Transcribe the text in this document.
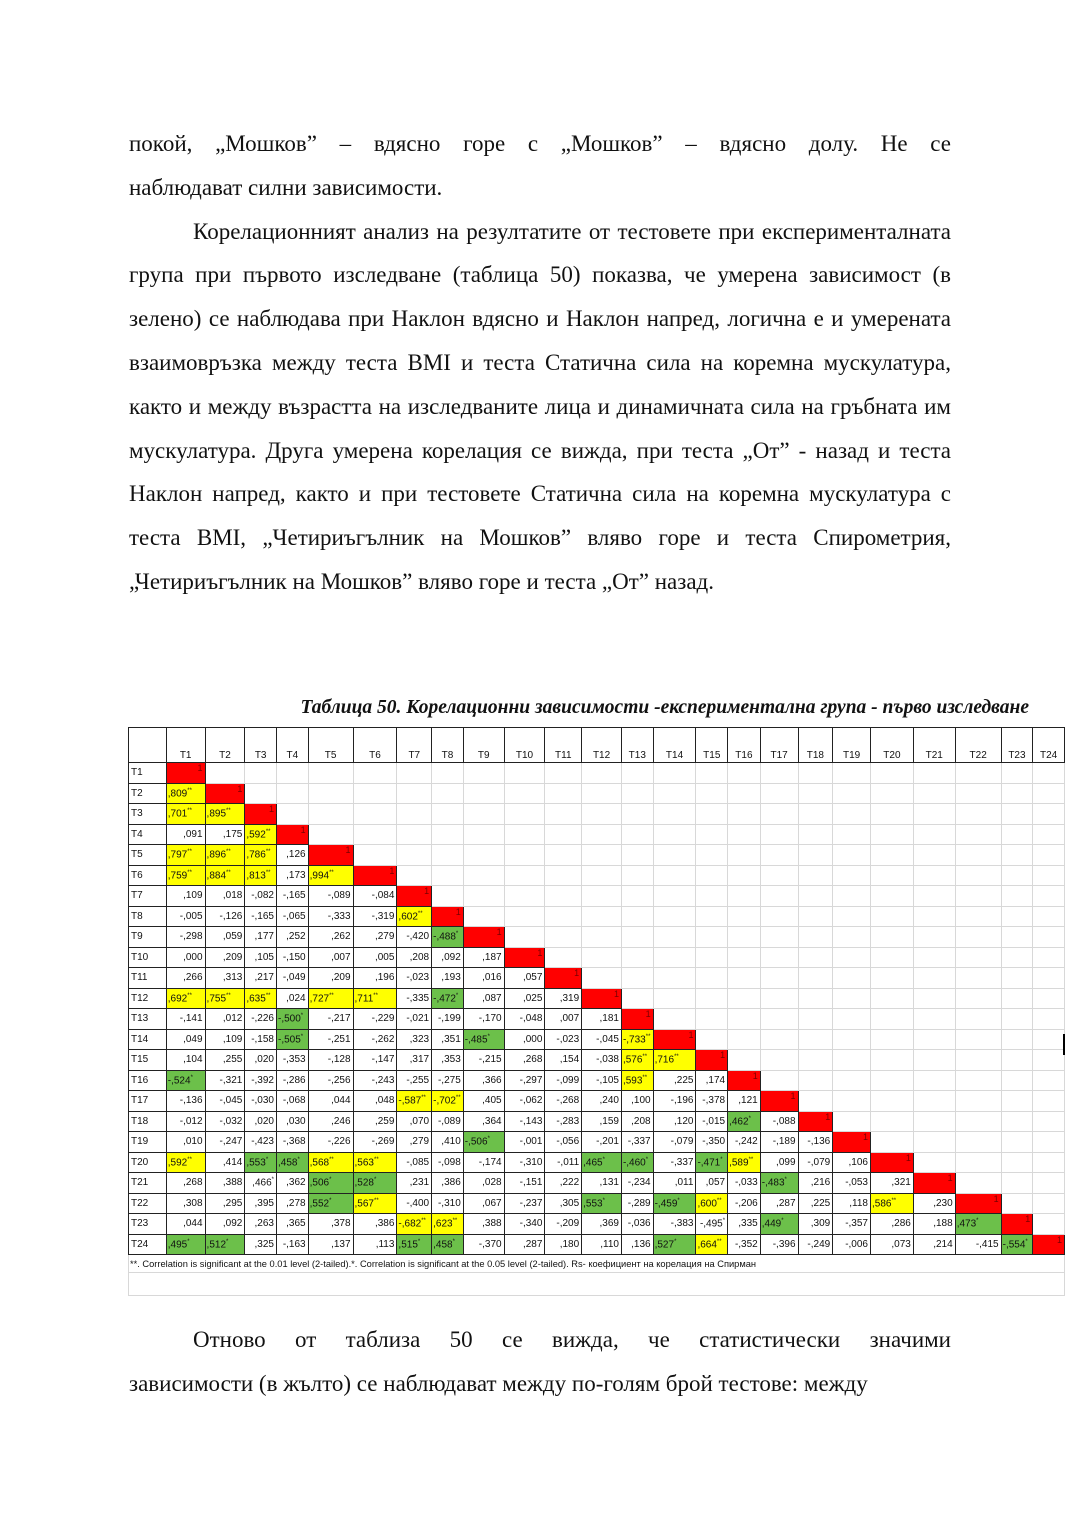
покой, „Мошков” – вдясно горе с „Мошков” – вдясно долу. Не се

наблюдават силни зависимости.

Корелационният анализ на резултатите от тестовете при експерименталната група при първото изследване (таблица 50) показва, че умерена зависимост (в зелено) се наблюдава при Наклон вдясно и Наклон напред, логична е и умерената взаимовръзка между теста BMI и теста Статична сила на коремна мускулатура, както и между възрастта на изследваните лица и динамичната сила на гръбната им мускулатура. Друга умерена корелация се вижда, при теста „От” - назад и теста Наклон напред, както и при тестовете Статична сила на коремна мускулатура с теста BMI, „Четириъгълник на Мошков” вляво горе и теста Спирометрия, „Четириъгълник на Мошков” вляво горе и теста „От” назад.

Таблица 50. Корелационни зависимости -експериментална група - първо изследване
	T1	T2	T3	T4	T5	T6	T7	T8	T9	T10	T11	T12	T13	T14	T15	T16	T17	T18	T19	T20	T21	T22	T23	T24
T1	1																							
T2	,809**	1																						
T3	,701**	,895**	1																					
T4	,091	,175	,592**	1																				
T5	,797**	,896**	,786**	,126	1																			
T6	,759**	,884**	,813**	,173	,994**	1																		
T7	,109	,018	-,082	-,165	-,089	-,084	1																	
T8	-,005	-,126	-,165	-,065	-,333	-,319	,602**	1																
T9	-,298	,059	,177	,252	,262	,279	-,420	-,488*	1															
T10	,000	,209	,105	-,150	,007	,005	,208	,092	,187	1														
T11	,266	,313	,217	-,049	,209	,196	-,023	,193	,016	,057	1													
T12	,692**	,755**	,635**	,024	,727**	,711**	-,335	-,472*	,087	,025	,319	1												
T13	-,141	,012	-,226	-,500*	-,217	-,229	-,021	-,199	-,170	-,048	,007	,181	1											
T14	,049	,109	-,158	-,505*	-,251	-,262	,323	,351	-,485*	,000	-,023	-,045	-,733**	1										
T15	,104	,255	,020	-,353	-,128	-,147	,317	,353	-,215	,268	,154	-,038	,576**	,716**	1									
T16	-,524*	-,321	-,392	-,286	-,256	-,243	-,255	-,275	,366	-,297	-,099	-,105	,593**	,225	,174	1								
T17	-,136	-,045	-,030	-,068	,044	,048	-,587**	-,702**	,405	-,062	-,268	,240	,100	-,196	-,378	,121	1							
T18	-,012	-,032	,020	,030	,246	,259	,070	-,089	,364	-,143	-,283	,159	,208	,120	-,015	,462*	-,088	1						
T19	,010	-,247	-,423	-,368	-,226	-,269	,279	,410	-,506*	-,001	-,056	-,201	-,337	-,079	-,350	-,242	-,189	-,136	1					
T20	,592**	,414	,553*	,458*	,568**	,563**	-,085	-,098	-,174	-,310	-,011	,465*	-,460*	-,337	-,471*	,589**	,099	-,079	,106	1				
T21	,268	,388	,466*	,362	,506*	,528*	,231	,386	,028	-,151	,222	,131	-,234	,011	,057	-,033	-,483*	,216	-,053	,321	1			
T22	,308	,295	,395	,278	,552*	,567**	-,400	-,310	,067	-,237	,305	,553*	-,289	-,459*	,600**	-,206	,287	,225	,118	,586**	,230	1		
T23	,044	,092	,263	,365	,378	,386	-,682**	,623**	,388	-,340	-,209	,369	-,036	-,383	-,495*	,335	,449*	,309	-,357	,286	,188	,473*	1	
T24	,495*	,512*	,325	-,163	,137	,113	,515*	,458*	-,370	,287	,180	,110	,136	,527*	,664**	-,352	-,396	-,249	-,006	,073	,214	-,415	-,554*	1
**. Correlation is significant at the 0.01 level (2-tailed).*. Correlation is significant at the 0.05 level (2-tailed). Rs- коефициент на корелация на Спирман																								

Отново от таблиза 50 се вижда, че статистически значими

зависимости (в жълто) се наблюдават между по-голям брой тестове: между
